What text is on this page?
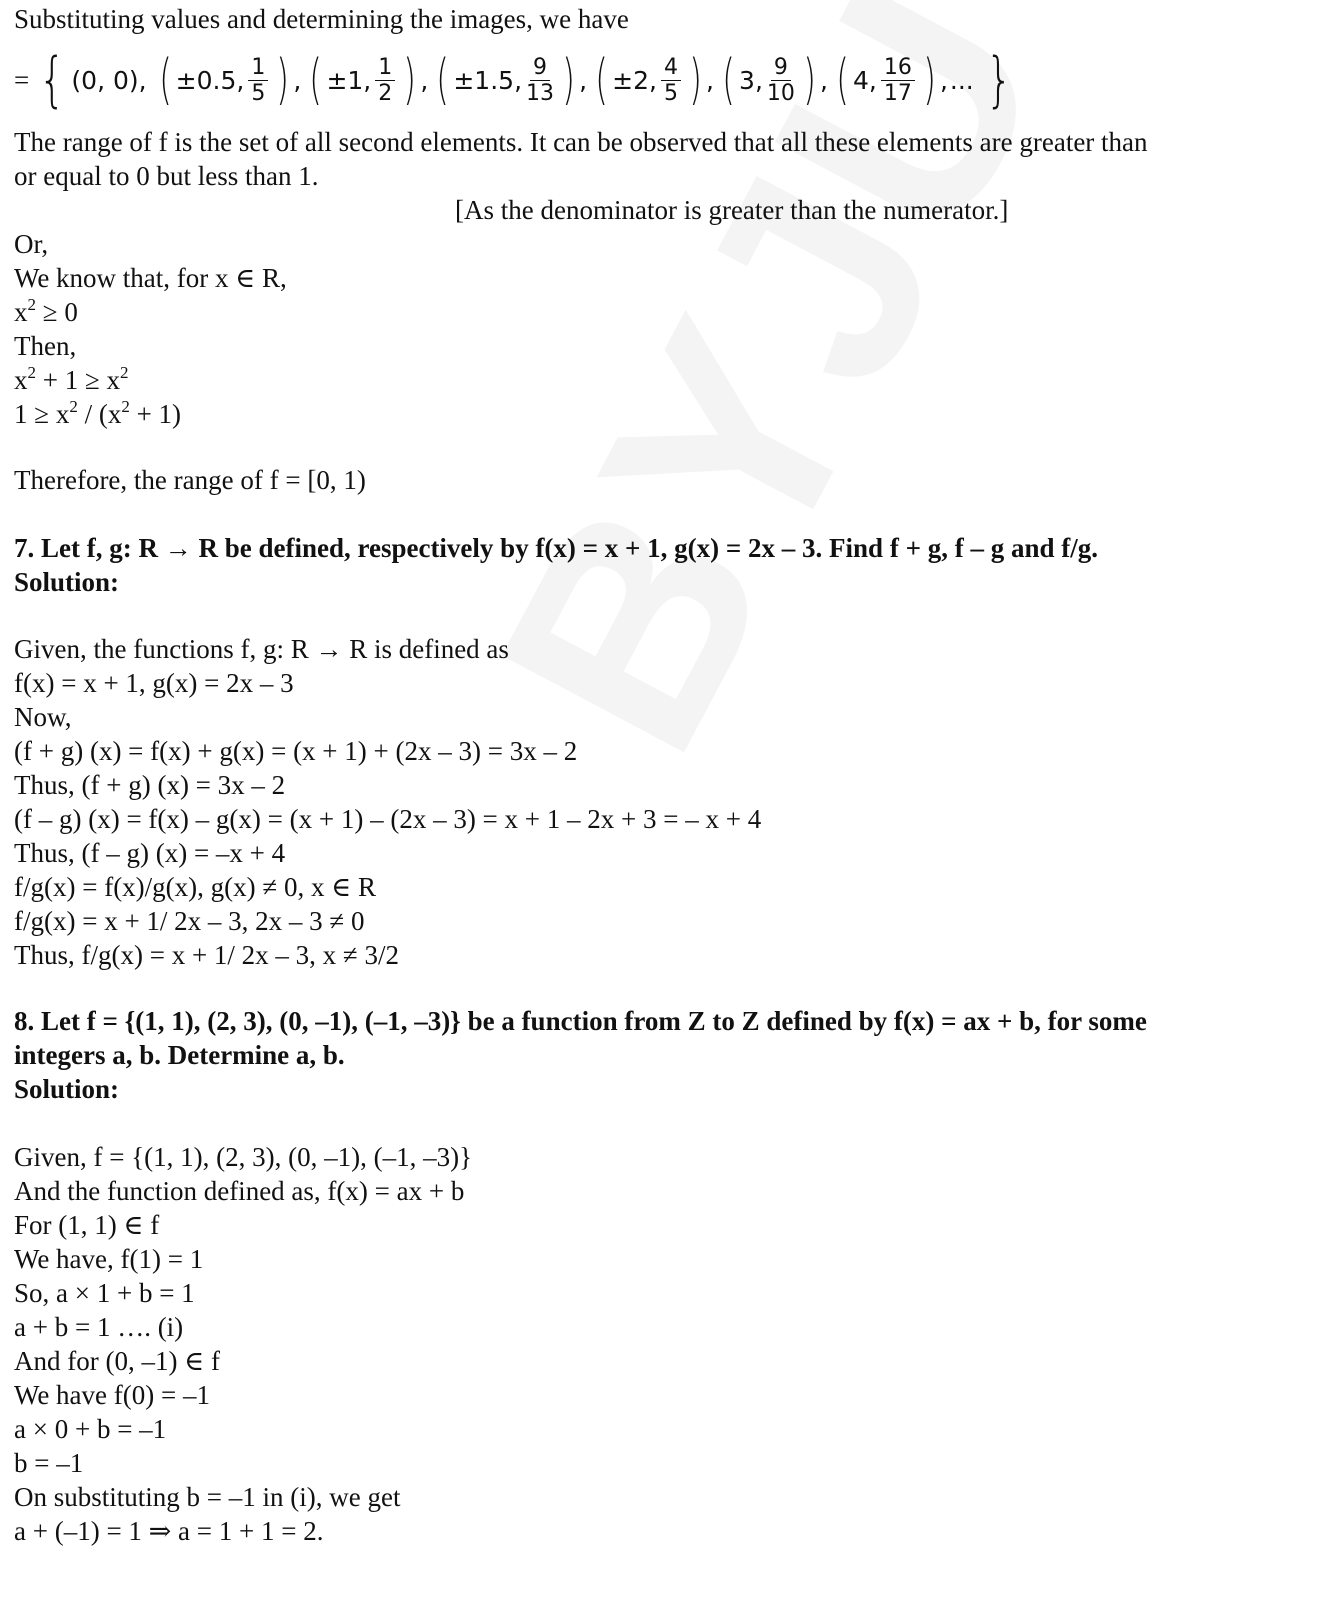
Substituting values and determining the images, we have
= { (0, 0), ( ±0.5, $\frac{1}{5}$ ) , ( ±1, $\frac{1}{2}$ ) , ( ±1.5, $\frac{9}{13}$ ) , ( ±2, $\frac{4}{5}$ ) , ( 3, $\frac{9}{10}$ ) , ( 4, $\frac{16}{17}$ ) , ... }
The range of f is the set of all second elements. It can be observed that all these elements are greater than
or equal to 0 but less than 1.
[As the denominator is greater than the numerator.]
Or,
We know that, for x ∈ R,
$x^2 \ge 0$
Then,
$x^2 + 1 \ge x^2$
$1 \ge x^2 / (x^2 + 1)$
Therefore, the range of f = [0, 1)
7. Let f, g: R → R be defined, respectively by f(x) = x + 1, g(x) = 2x – 3. Find f + g, f – g and f/g.
Solution:
Given, the functions f, g: R → R is defined as
f(x) = x + 1, g(x) = 2x – 3
Now,
(f + g) (x) = f(x) + g(x) = (x + 1) + (2x – 3) = 3x – 2
Thus, (f + g) (x) = 3x – 2
(f – g) (x) = f(x) – g(x) = (x + 1) – (2x – 3) = x + 1 – 2x + 3 = – x + 4
Thus, (f – g) (x) = –x + 4
f/g(x) = f(x)/g(x), g(x) ≠ 0, x ∈ R
f/g(x) = x + 1/ 2x – 3, 2x – 3 ≠ 0
Thus, f/g(x) = x + 1/ 2x – 3, x ≠ 3/2
8. Let f = {(1, 1), (2, 3), (0, –1), (–1, –3)} be a function from Z to Z defined by f(x) = ax + b, for some
integers a, b. Determine a, b.
Solution:
Given, f = {(1, 1), (2, 3), (0, –1), (–1, –3)}
And the function defined as, f(x) = ax + b
For (1, 1) ∈ f
We have, f(1) = 1
So, a × 1 + b = 1
a + b = 1 …. (i)
And for (0, –1) ∈ f
We have f(0) = –1
a × 0 + b = –1
b = –1
On substituting b = –1 in (i), we get
a + (–1) = 1 ⇒ a = 1 + 1 = 2.
